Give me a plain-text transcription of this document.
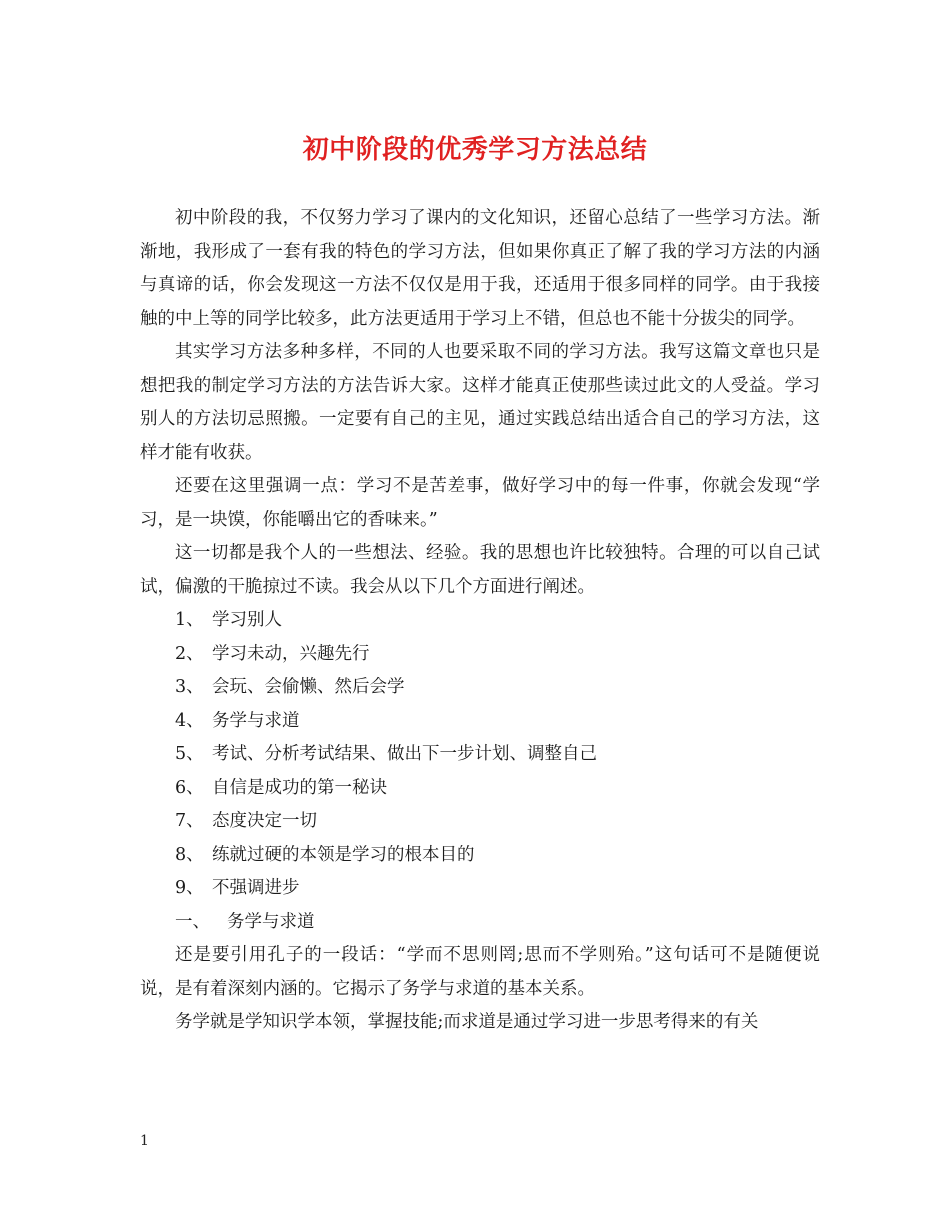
初中阶段的优秀学习方法总结

初中阶段的我，不仅努力学习了课内的文化知识，还留心总结了一些学习方法。渐渐地，我形成了一套有我的特色的学习方法，但如果你真正了解了我的学习方法的内涵与真谛的话，你会发现这一方法不仅仅是用于我，还适用于很多同样的同学。由于我接触的中上等的同学比较多，此方法更适用于学习上不错，但总也不能十分拔尖的同学。

其实学习方法多种多样，不同的人也要采取不同的学习方法。我写这篇文章也只是想把我的制定学习方法的方法告诉大家。这样才能真正使那些读过此文的人受益。学习别人的方法切忌照搬。一定要有自己的主见，通过实践总结出适合自己的学习方法，这样才能有收获。

还要在这里强调一点：学习不是苦差事，做好学习中的每一件事，你就会发现“学习，是一块馍，你能嚼出它的香味来。”

这一切都是我个人的一些想法、经验。我的思想也许比较独特。合理的可以自己试试，偏激的干脆掠过不读。我会从以下几个方面进行阐述。

1、 学习别人
2、 学习未动，兴趣先行
3、 会玩、会偷懒、然后会学
4、 务学与求道
5、 考试、分析考试结果、做出下一步计划、调整自己
6、 自信是成功的第一秘诀
7、 态度决定一切
8、 练就过硬的本领是学习的根本目的
9、 不强调进步
一、 务学与求道

还是要引用孔子的一段话：“学而不思则罔;思而不学则殆。”这句话可不是随便说说，是有着深刻内涵的。它揭示了务学与求道的基本关系。

务学就是学知识学本领，掌握技能;而求道是通过学习进一步思考得来的有关

1
